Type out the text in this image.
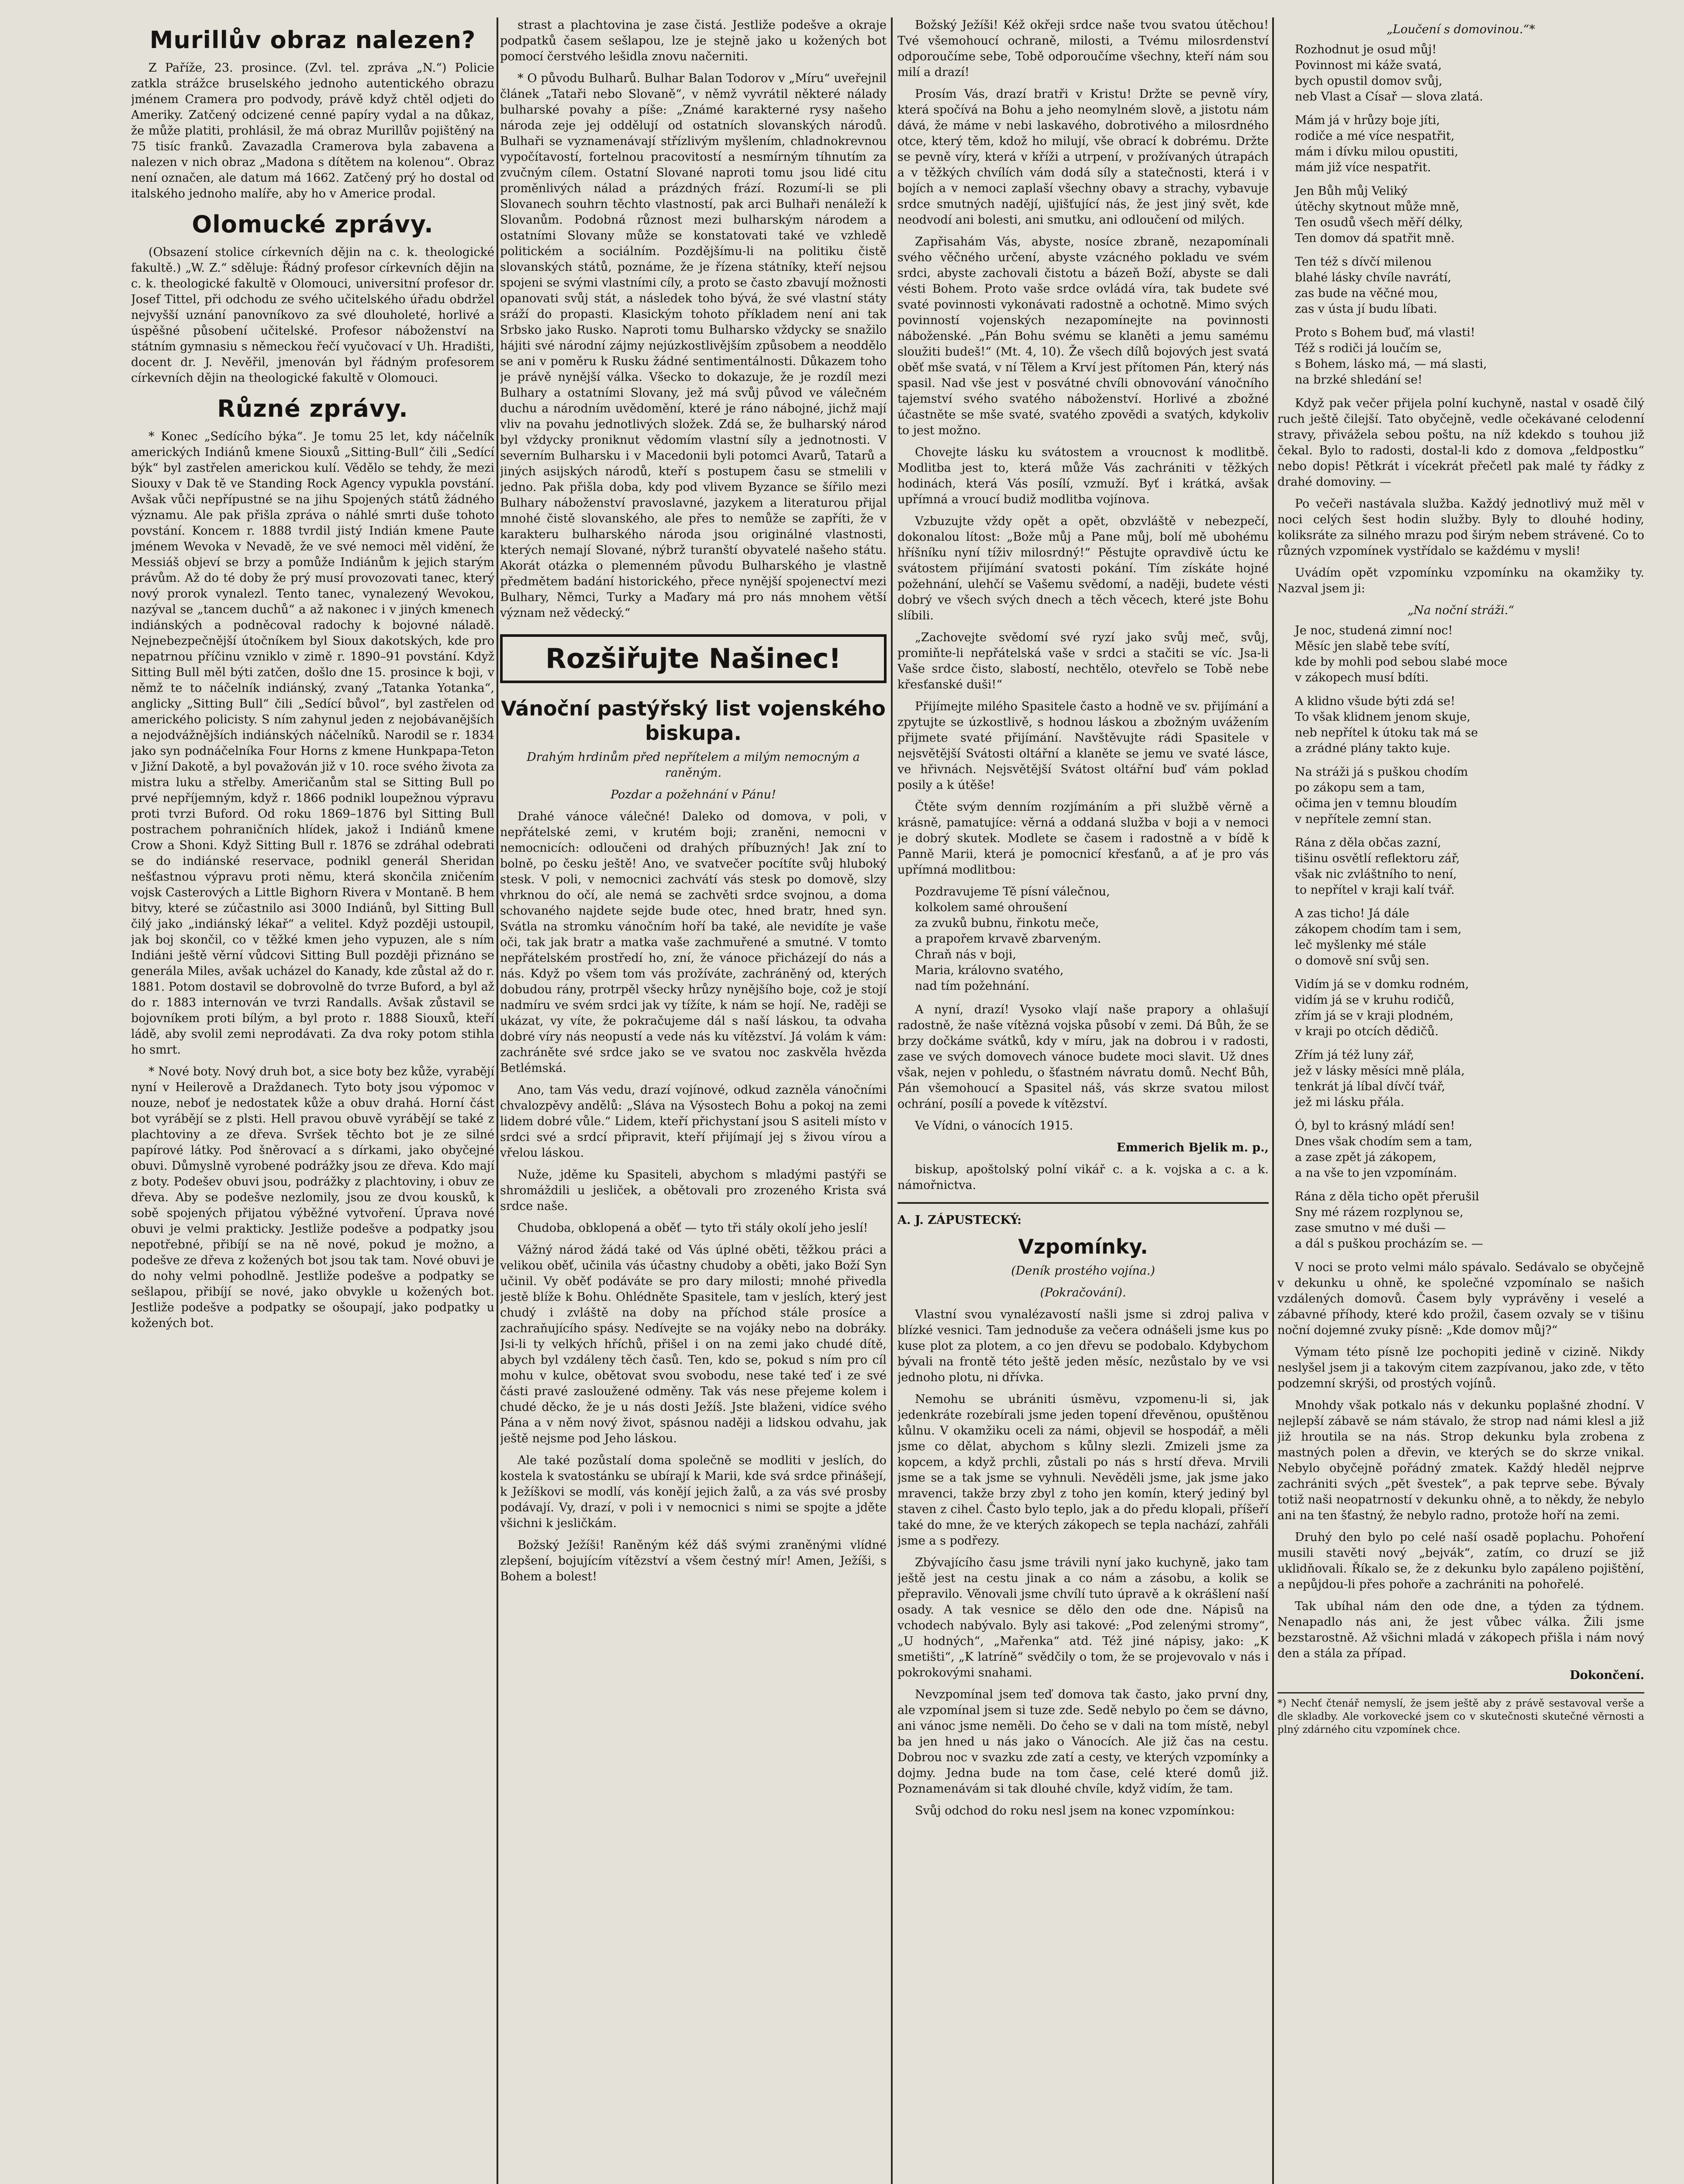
Murillův obraz nalezen?

Z Paříže, 23. prosince. (Zvl. tel. zpráva „N.“) Policie zatkla strážce bruselského jednoho autentického obrazu jménem Cramera pro podvody, právě když chtěl odjeti do Ameriky. Zatčený odcizené cenné papíry vydal a na důkaz, že může platiti, prohlásil, že má obraz Murillův pojištěný na 75 tisíc franků. Zavazadla Cramerova byla zabavena a nalezen v nich obraz „Madona s dítětem na kolenou“. Obraz není označen, ale datum má 1662. Zatčený prý ho dostal od italského jednoho malíře, aby ho v Americe prodal.

Olomucké zprávy.

(Obsazení stolice církevních dějin na c. k. theologické fakultě.) „W. Z.“ sděluje: Řádný profesor církevních dějin na c. k. theologické fakultě v Olomouci, universitní profesor dr. Josef Tittel, při odchodu ze svého učitelského úřadu obdržel nejvyšší uznání panovníkovo za své dlouholeté, horlivé a úspěšné působení učitelské. Profesor náboženství na státním gymnasiu s německou řečí vyučovací v Uh. Hradišti, docent dr. J. Nevěřil, jmenován byl řádným profesorem církevních dějin na theologické fakultě v Olomouci.

Různé zprávy.

* Konec „Sedícího býka“. Je tomu 25 let, kdy náčelník amerických Indiánů kmene Siouxů „Sitting-Bull“ čili „Sedící býk“ byl zastřelen americkou kulí. Vědělo se tehdy, že mezi Siouxy v Dak tě ve Standing Rock Agency vypukla povstání. Avšak vůči nepřípustné se na jihu Spojených států žádného významu. Ale pak přišla zpráva o náhlé smrti duše tohoto povstání. Koncem r. 1888 tvrdil jistý Indián kmene Paute jménem Wevoka v Nevadě, že ve své nemoci měl vidění, že Messiáš objeví se brzy a pomůže Indiánům k jejich starým právům. Až do té doby že prý musí provozovati tanec, který nový prorok vynalezl. Tento tanec, vynalezený Wevokou, nazýval se „tancem duchů“ a až nakonec i v jiných kmenech indiánských a podněcoval radochy k bojovné náladě. Nejnebezpečnější útočníkem byl Sioux dakotských, kde pro nepatrnou příčinu vzniklo v zimě r. 1890–91 povstání. Když Sitting Bull měl býti zatčen, došlo dne 15. prosince k boji, v němž te to náčelník indiánský, zvaný „Tatanka Yotanka“, anglicky „Sitting Bull“ čili „Sedící bůvol“, byl zastřelen od amerického policisty. S ním zahynul jeden z nejobávanějších a nejodvážnějších indiánských náčelníků. Narodil se r. 1834 jako syn podnáčelníka Four Horns z kmene Hunkpapa-Teton v Jižní Dakotě, a byl považován již v 10. roce svého života za mistra luku a střelby. Američanům stal se Sitting Bull po prvé nepříjemným, když r. 1866 podnikl loupežnou výpravu proti tvrzi Buford. Od roku 1869–1876 byl Sitting Bull postrachem pohraničních hlídek, jakož i Indiánů kmene Crow a Shoni. Když Sitting Bull r. 1876 se zdráhal odebrati se do indiánské reservace, podnikl generál Sheridan nešťastnou výpravu proti němu, která skončila zničením vojsk Casterových a Little Bighorn Rivera v Montaně. B hem bitvy, které se zúčastnilo asi 3000 Indiánů, byl Sitting Bull čilý jako „indiánský lékař“ a velitel. Když později ustoupil, jak boj skončil, co v těžké kmen jeho vypuzen, ale s ním Indiáni ještě věrní vůdcovi Sitting Bull později přiznáno se generála Miles, avšak ucházel do Kanady, kde zůstal až do r. 1881. Potom dostavil se dobrovolně do tvrze Buford, a byl až do r. 1883 internován ve tvrzi Randalls. Avšak zůstavil se bojovníkem proti bílým, a byl proto r. 1888 Siouxů, kteří ládě, aby svolil zemi neprodávati. Za dva roky potom stihla ho smrt.

* Nové boty. Nový druh bot, a sice boty bez kůže, vyrabějí nyní v Heilerově a Draždanech. Tyto boty jsou výpomoc v nouze, neboť je nedostatek kůže a obuv drahá. Horní část bot vyrábějí se z plsti. Hell pravou obuvě vyrábějí se také z plachtoviny a ze dřeva. Svršek těchto bot je ze silné papírové látky. Pod šněrovací a s dírkami, jako obyčejné obuvi. Důmyslně vyrobené podrážky jsou ze dřeva. Kdo mají z boty. Podešev obuvi jsou, podrážky z plachtoviny, i obuv ze dřeva. Aby se podešve nezlomily, jsou ze dvou kousků, k sobě spojených přijatou výběžné vytvoření. Úprava nové obuvi je velmi prakticky. Jestliže podešve a podpatky jsou nepotřebné, přibíjí se na ně nové, pokud je možno, a podešve ze dřeva z kožených bot jsou tak tam. Nové obuvi je do nohy velmi pohodlně. Jestliže podešve a podpatky se sešlapou, přibíjí se nové, jako obvykle u kožených bot. Jestliže podešve a podpatky se ošoupají, jako podpatky u kožených bot.

strast a plachtovina je zase čistá. Jestliže podešve a okraje podpatků časem sešlapou, lze je stejně jako u kožených bot pomocí čerstvého lešidla znovu načerniti.

* O původu Bulharů. Bulhar Balan Todorov v „Míru“ uveřejnil článek „Tataři nebo Slovaně“, v němž vyvrátil některé nálady bulharské povahy a píše: „Známé karakterné rysy našeho národa zeje jej oddělují od ostatních slovanských národů. Bulhaři se vyznamenávají střízlivým myšlením, chladnokrevnou vypočítavostí, fortelnou pracovitostí a nesmírným tíhnutím za zvučným cílem. Ostatní Slované naproti tomu jsou lidé citu proměnlivých nálad a prázdných frází. Rozumí-li se pli Slovanech souhrn těchto vlastností, pak arci Bulhaři nenáleží k Slovanům. Podobná různost mezi bulharským národem a ostatními Slovany může se konstatovati také ve vzhledě politickém a sociálním. Pozdějšímu-li na politiku čistě slovanských států, poznáme, že je řízena státníky, kteří nejsou spojeni se svými vlastními cíly, a proto se často zbavují možnosti opanovati svůj stát, a následek toho bývá, že své vlastní státy sráží do propasti. Klasickým tohoto příkladem není ani tak Srbsko jako Rusko. Naproti tomu Bulharsko vždycky se snažilo hájiti své národní zájmy nejúzkostlivějším způsobem a neoddělo se ani v poměru k Rusku žádné sentimentálnosti. Důkazem toho je právě nynější válka. Všecko to dokazuje, že je rozdíl mezi Bulhary a ostatními Slovany, jež má svůj původ ve válečném duchu a národním uvědomění, které je ráno nábojné, jichž mají vliv na povahu jednotlivých složek. Zdá se, že bulharský národ byl vždycky proniknut vědomím vlastní síly a jednotnosti. V severním Bulharsku i v Macedonii byli potomci Avarů, Tatarů a jiných asijských národů, kteří s postupem času se stmelili v jedno. Pak přišla doba, kdy pod vlivem Byzance se šířilo mezi Bulhary náboženství pravoslavné, jazykem a literaturou přijal mnohé čistě slovanského, ale přes to nemůže se zapříti, že v karakteru bulharského národa jsou originálné vlastnosti, kterých nemají Slované, nýbrž turanští obyvatelé našeho státu. Akorát otázka o plemenném původu Bulharského je vlastně předmětem badání historického, přece nynější spojenectví mezi Bulhary, Němci, Turky a Maďary má pro nás mnohem větší význam než vědecký.“

Rozšiřujte Našinec!
Vánoční pastýřský list vojenského biskupa.

Drahým hrdinům před nepřítelem a milým nemocným a raněným.

Pozdar a požehnání v Pánu!

Drahé vánoce válečné! Daleko od domova, v poli, v nepřátelské zemi, v krutém boji; zraněni, nemocni v nemocnicích: odloučeni od drahých příbuzných! Jak zní to bolně, po česku ještě! Ano, ve svatvečer pocítíte svůj hluboký stesk. V poli, v nemocnici zachvátí vás stesk po domově, slzy vhrknou do očí, ale nemá se zachvěti srdce svojnou, a doma schovaného najdete sejde bude otec, hned bratr, hned syn. Svátla na stromku vánočním hoří ba také, ale nevidíte je vaše oči, tak jak bratr a matka vaše zachmuřené a smutné. V tomto nepřátelském prostředí ho, zní, že vánoce přicházejí do nás a nás. Když po všem tom vás prožíváte, zachráněný od, kterých dobudou rány, protrpěl všecky hrůzy nynějšího boje, což je stojí nadmíru ve svém srdci jak vy tížíte, k nám se hojí. Ne, raději se ukázat, vy víte, že pokračujeme dál s naší láskou, ta odvaha dobré víry nás neopustí a vede nás ku vítězství. Já volám k vám: zachráněte své srdce jako se ve svatou noc zaskvěla hvězda Betlémská.

Ano, tam Vás vedu, drazí vojínové, odkud zazněla vánočními chvalozpěvy andělů: „Sláva na Výsostech Bohu a pokoj na zemi lidem dobré vůle.“ Lidem, kteří přichystaní jsou S asiteli místo v srdci své a srdcí připravit, kteří přijímají jej s živou vírou a vřelou láskou.

Nuže, jděme ku Spasiteli, abychom s mladými pastýři se shromáždili u jesliček, a obětovali pro zrozeného Krista svá srdce naše.

Chudoba, obklopená a oběť — tyto tři stály okolí jeho jeslí!

Vážný národ žádá také od Vás úplné oběti, těžkou práci a velikou oběť, učinila vás účastny chudoby a oběti, jako Boží Syn učinil. Vy oběť podáváte se pro dary milosti; mnohé přivedla jestě blíže k Bohu. Ohlédněte Spasitele, tam v jeslích, který jest chudý i zvláště na doby na příchod stále prosíce a zachraňujícího spásy. Nedívejte se na vojáky nebo na dobráky. Jsi-li ty velkých hříchů, přišel i on na zemi jako chudé dítě, abych byl vzdáleny těch časů. Ten, kdo se, pokud s ním pro cíl mohu v kulce, obětovat svou svobodu, nese také teď i ze své části pravé zasloužené odměny. Tak vás nese přejeme kolem i chudé děcko, že je u nás dosti Ježíš. Jste blaženi, vidíce svého Pána a v něm nový život, spásnou naději a lidskou odvahu, jak ještě nejsme pod Jeho láskou.

Ale také pozůstalí doma společně se modliti v jeslích, do kostela k svatostánku se ubírají k Marii, kde svá srdce přinášejí, k Ježíškovi se modlí, vás konějí jejich žalů, a za vás své prosby podávají. Vy, drazí, v poli i v nemocnici s nimi se spojte a jděte všichni k jesličkám.

Božský Ježíši! Raněným kéž dáš svými zraněnými vlídné zlepšení, bojujícím vítězství a všem čestný mír! Amen, Ježíši, s Bohem a bolest!

Božský Ježíši! Kéž okřeji srdce naše tvou svatou útěchou! Tvé všemohoucí ochraně, milosti, a Tvému milosrdenství odporoučíme sebe, Tobě odporoučíme všechny, kteří nám sou milí a drazí!

Prosím Vás, drazí bratři v Kristu! Držte se pevně víry, která spočívá na Bohu a jeho neomylném slově, a jistotu nám dává, že máme v nebi laskavého, dobrotivého a milosrdného otce, který těm, kdož ho milují, vše obrací k dobrému. Držte se pevně víry, která v kříži a utrpení, v prožívaných útrapách a v těžkých chvílích vám dodá síly a statečnosti, která i v bojích a v nemoci zaplaší všechny obavy a strachy, vybavuje srdce smutných nadějí, ujišťující nás, že jest jiný svět, kde neodvodí ani bolesti, ani smutku, ani odloučení od milých.

Zapřisahám Vás, abyste, nosíce zbraně, nezapomínali svého věčného určení, abyste vzácného pokladu ve svém srdci, abyste zachovali čistotu a bázeň Boží, abyste se dali vésti Bohem. Proto vaše srdce ovládá víra, tak budete své svaté povinnosti vykonávati radostně a ochotně. Mimo svých povinností vojenských nezapomínejte na povinnosti náboženské. „Pán Bohu svému se klaněti a jemu samému sloužiti budeš!“ (Mt. 4, 10). Že všech dílů bojových jest svatá oběť mše svatá, v ní Tělem a Krví jest přítomen Pán, který nás spasil. Nad vše jest v posvátné chvíli obnovování vánočního tajemství svého svatého náboženství. Horlivé a zbožné účastněte se mše svaté, svatého zpovědi a svatých, kdykoliv to jest možno.

Chovejte lásku ku svátostem a vroucnost k modlitbě. Modlitba jest to, která může Vás zachrániti v těžkých hodinách, která Vás posílí, vzmuží. Byť i krátká, avšak upřímná a vroucí budiž modlitba vojínova.

Vzbuzujte vždy opět a opět, obzvláště v nebezpečí, dokonalou lítost: „Bože můj a Pane můj, bolí mě ubohému hříšníku nyní tíživ milosrdný!“ Pěstujte opravdivě úctu ke svátostem přijímání svatosti pokání. Tím získáte hojné požehnání, ulehčí se Vašemu svědomí, a naději, budete vésti dobrý ve všech svých dnech a těch věcech, které jste Bohu slíbili.

„Zachovejte svědomí své ryzí jako svůj meč, svůj, promiňte-li nepřátelská vaše v srdci a stačiti se víc. Jsa-li Vaše srdce čisto, slabostí, nechtělo, otevřelo se Tobě nebe křesťanské duši!“

Přijímejte milého Spasitele často a hodně ve sv. přijímání a zpytujte se úzkostlivě, s hodnou láskou a zbožným uvážením přijmete svaté přijímání. Navštěvujte rádi Spasitele v nejsvětější Svátosti oltářní a klaněte se jemu ve svaté lásce, ve hřivnách. Nejsvětější Svátost oltářní buď vám poklad posily a k útěše!

Čtěte svým denním rozjímáním a při službě věrně a krásně, pamatujíce: věrná a oddaná služba v boji a v nemoci je dobrý skutek. Modlete se časem i radostně a v bídě k Panně Marii, která je pomocnicí křesťanů, a ať je pro vás upřímná modlitbou:

Pozdravujeme Tě písní válečnou,
kolkolem samé ohroušení
za zvuků bubnu, řinkotu meče,
a prapořem krvavě zbarveným.
Chraň nás v boji,
Maria, královno svatého,
nad tím požehnání.

A nyní, drazí! Vysoko vlají naše prapory a ohlašují radostně, že naše vítězná vojska působí v zemi. Dá Bůh, že se brzy dočkáme svátků, kdy v míru, jak na dobrou i v radosti, zase ve svých domovech vánoce budete moci slavit. Už dnes však, nejen v pohledu, o šťastném návratu domů. Nechť Bůh, Pán všemohoucí a Spasitel náš, vás skrze svatou milost ochrání, posílí a povede k vítězství.

Ve Vídni, o vánocích 1915.

Emmerich Bjelik m. p.,

biskup, apoštolský polní vikář c. a k. vojska a c. a k. námořnictva.

A. J. ZÁPUSTECKÝ:

Vzpomínky.

(Deník prostého vojína.)

(Pokračování).

Vlastní svou vynalézavostí našli jsme si zdroj paliva v blízké vesnici. Tam jednoduše za večera odnášeli jsme kus po kuse plot za plotem, a co jen dřevu se podobalo. Kdybychom bývali na frontě této ještě jeden měsíc, nezůstalo by ve vsi jednoho plotu, ni dřívka.

Nemohu se ubrániti úsměvu, vzpomenu-li si, jak jedenkráte rozebírali jsme jeden topení dřevěnou, opuštěnou kůlnu. V okamžiku oceli za námi, objevil se hospodář, a měli jsme co dělat, abychom s kůlny slezli. Zmizeli jsme za kopcem, a když prchli, zůstali po nás s hrstí dřeva. Mrvili jsme se a tak jsme se vyhnuli. Nevěděli jsme, jak jsme jako mravenci, takže brzy zbyl z toho jen komín, který jediný byl staven z cihel. Často bylo teplo, jak a do předu klopali, příšeří také do mne, že ve kterých zákopech se tepla nachází, zahřáli jsme a s podřezy.

Zbývajícího času jsme trávili nyní jako kuchyně, jako tam ještě jest na cestu jinak a co nám a zásobu, a kolik se přepravilo. Věnovali jsme chvílí tuto úpravě a k okrášlení naší osady. A tak vesnice se dělo den ode dne. Nápisů na vchodech nabývalo. Byly asi takové: „Pod zelenými stromy“, „U hodných“, „Mařenka“ atd. Též jiné nápisy, jako: „K smetišti“, „K latríně“ svědčily o tom, že se projevovalo v nás i pokrokovými snahami.

Nevzpomínal jsem teď domova tak často, jako první dny, ale vzpomínal jsem si tuze zde. Sedě nebylo po čem se dávno, ani vánoc jsme neměli. Do čeho se v dali na tom místě, nebyl ba jen hned u nás jako o Vánocích. Ale již čas na cestu. Dobrou noc v svazku zde zatí a cesty, ve kterých vzpomínky a dojmy. Jedna bude na tom čase, celé které domů již. Poznamenávám si tak dlouhé chvíle, když vidím, že tam.

Svůj odchod do roku nesl jsem na konec vzpomínkou:

„Loučení s domovinou.“*
Rozhodnut je osud můj!
Povinnost mi káže svatá,
bych opustil domov svůj,
neb Vlast a Císař — slova zlatá.
Mám já v hrůzy boje jíti,
rodiče a mé více nespatřit,
mám i dívku milou opustiti,
mám již více nespatřit.
Jen Bůh můj Veliký
útěchy skytnout může mně,
Ten osudů všech měří délky,
Ten domov dá spatřit mně.
Ten též s dívčí milenou
blahé lásky chvíle navrátí,
zas bude na věčné mou,
zas v ústa jí budu líbati.
Proto s Bohem buď, má vlasti!
Též s rodiči já loučím se,
s Bohem, lásko má, — má slasti,
na brzké shledání se!

Když pak večer přijela polní kuchyně, nastal v osadě čilý ruch ještě čilejší. Tato obyčejně, vedle očekávané celodenní stravy, přivážela sebou poštu, na níž kdekdo s touhou již čekal. Bylo to radosti, dostal-li kdo z domova „feldpostku“ nebo dopis! Pětkrát i vícekrát přečetl pak malé ty řádky z drahé domoviny. —

Po večeři nastávala služba. Každý jednotlivý muž měl v noci celých šest hodin služby. Byly to dlouhé hodiny, koliksráte za silného mrazu pod širým nebem strávené. Co to různých vzpomínek vystřídalo se každému v mysli!

Uvádím opět vzpomínku vzpomínku na okamžiky ty. Nazval jsem ji:

„Na noční stráži.“
Je noc, studená zimní noc!
Měsíc jen slabě tebe svítí,
kde by mohli pod sebou slabé moce
v zákopech musí bdíti.
A klidno všude býti zdá se!
To však klidnem jenom skuje,
neb nepřítel k útoku tak má se
a zrádné plány takto kuje.
Na stráži já s puškou chodím
po zákopu sem a tam,
očima jen v temnu bloudím
v nepřítele zemní stan.
Rána z děla občas zazní,
tišinu osvětlí reflektoru zář,
však nic zvláštního to není,
to nepřítel v kraji kalí tvář.
A zas ticho! Já dále
zákopem chodím tam i sem,
leč myšlenky mé stále
o domově sní svůj sen.
Vidím já se v domku rodném,
vidím já se v kruhu rodičů,
zřím já se v kraji plodném,
v kraji po otcích dědičů.
Zřím já též luny zář,
jež v lásky měsíci mně plála,
tenkrát já líbal dívčí tvář,
jež mi lásku přála.
Ó, byl to krásný mládí sen!
Dnes však chodím sem a tam,
a zase zpět já zákopem,
a na vše to jen vzpomínám.
Rána z děla ticho opět přerušil
Sny mé rázem rozplynou se,
zase smutno v mé duši —
a dál s puškou procházím se. —

V noci se proto velmi málo spávalo. Sedávalo se obyčejně v dekunku u ohně, ke společné vzpomínalo se našich vzdálených domovů. Časem byly vyprávěny i veselé a zábavné příhody, které kdo prožil, časem ozvaly se v tišinu noční dojemné zvuky písně: „Kde domov můj?“

Výmam této písně lze pochopiti jedině v cizině. Nikdy neslyšel jsem ji a takovým citem zazpívanou, jako zde, v těto podzemní skrýši, od prostých vojínů.

Mnohdy však potkalo nás v dekunku poplašné zhodní. V nejlepší zábavě se nám stávalo, že strop nad námi klesl a již již hroutila se na nás. Strop dekunku byla zrobena z mastných polen a dřevin, ve kterých se do skrze vnikal. Nebylo obyčejně pořádný zmatek. Každý hleděl nejprve zachrániti svých „pět švestek“, a pak teprve sebe. Bývaly totiž naši neopatrností v dekunku ohně, a to někdy, že nebylo ani na ten šťastný, že nebylo radno, protože hoří na zemi.

Druhý den bylo po celé naší osadě poplachu. Pohoření musili stavěti nový „bejvák“, zatím, co druzí se již uklidňovali. Říkalo se, že z dekunku bylo zapáleno pojištění, a nepůjdou-li přes pohoře a zachrániti na pohořelé.

Tak ubíhal nám den ode dne, a týden za týdnem. Nenapadlo nás ani, že jest vůbec válka. Žili jsme bezstarostně. Až všichni mladá v zákopech přišla i nám nový den a stála za případ.

Dokončení.
*) Nechť čtenář nemyslí, že jsem ještě aby z právě sestavoval verše a dle skladby. Ale vorkovecké jsem co v skutečnosti skutečné věrnosti a plný zdárného citu vzpomínek chce.
